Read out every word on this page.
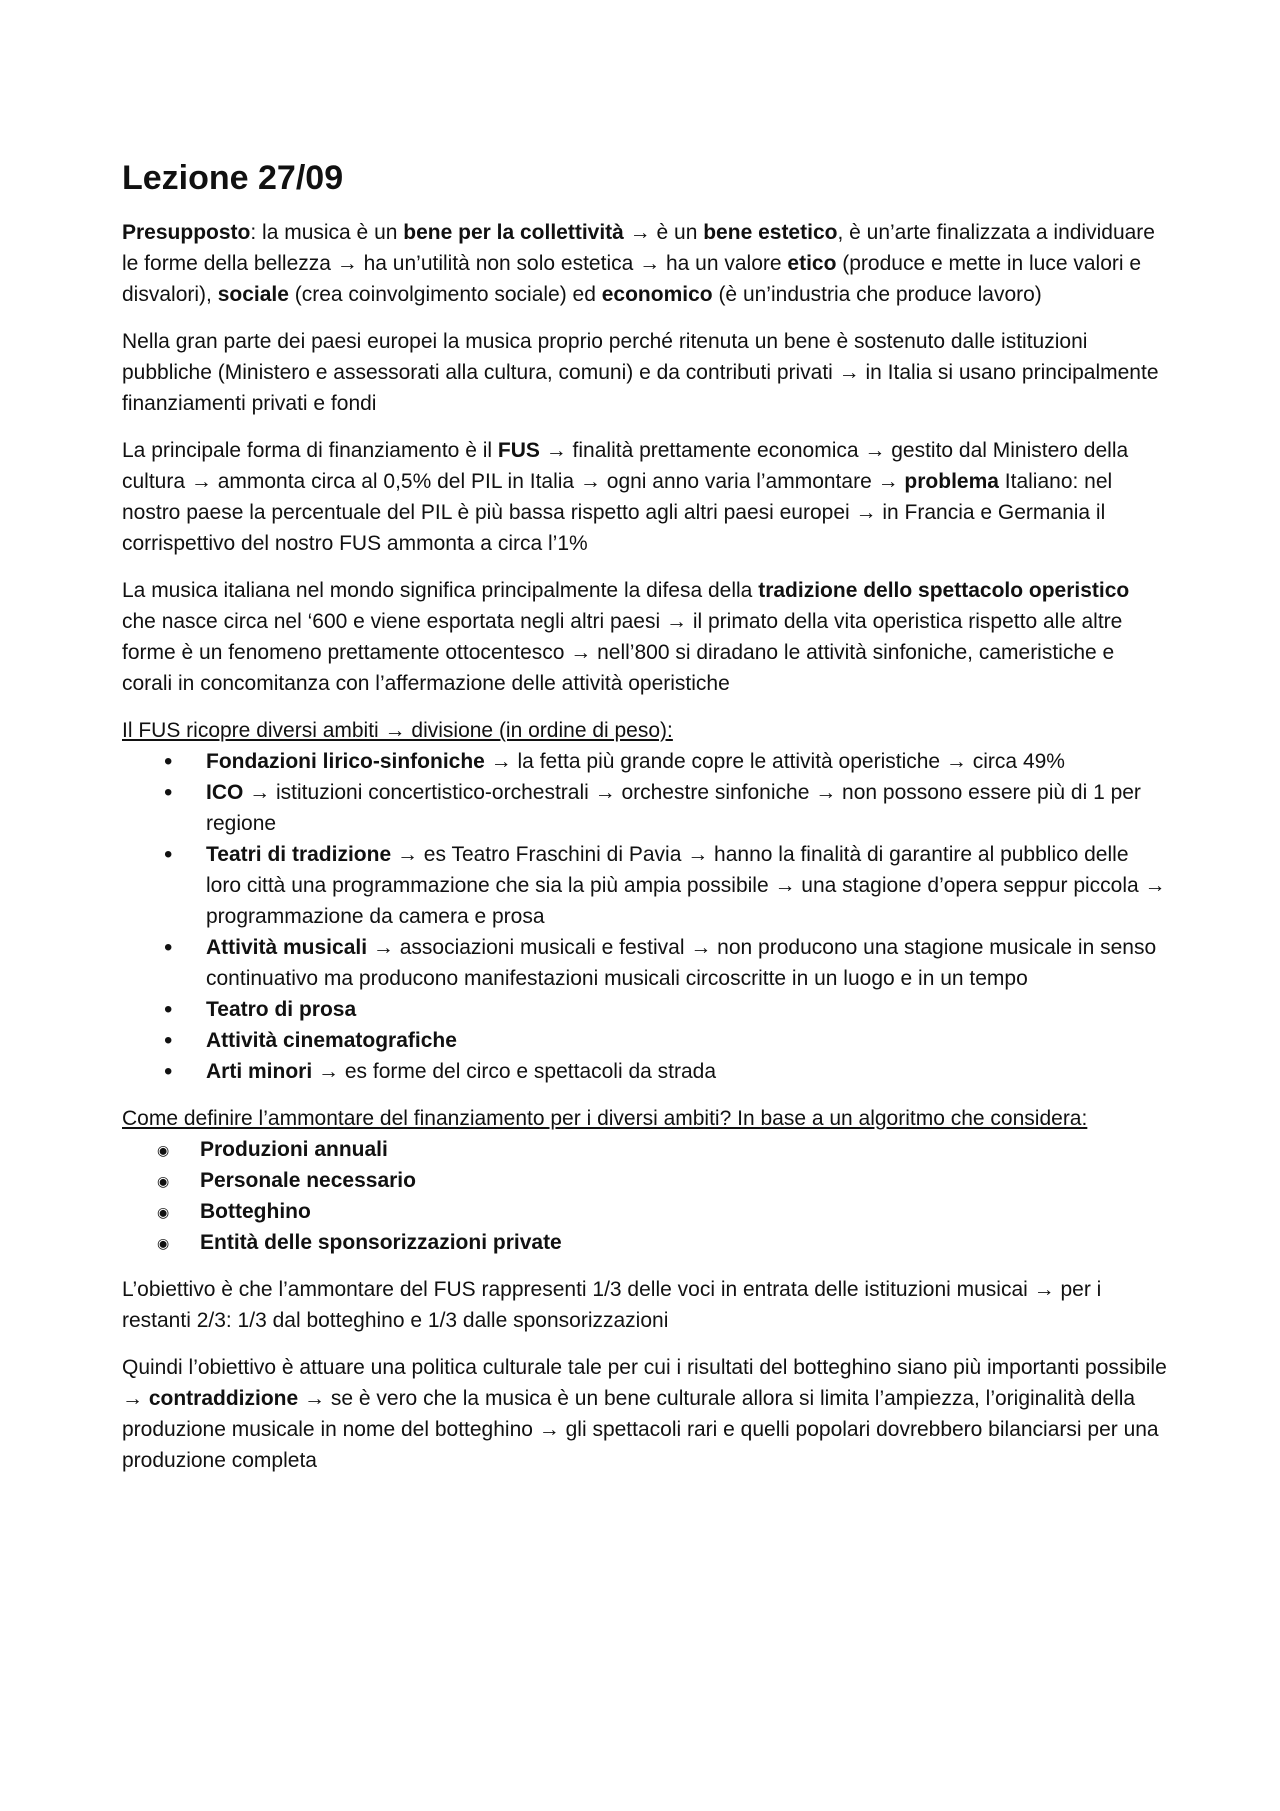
Lezione 27/09

Presupposto: la musica è un bene per la collettività → è un bene estetico, è un’arte finalizzata a individuare le forme della bellezza → ha un’utilità non solo estetica → ha un valore etico (produce e mette in luce valori e disvalori), sociale (crea coinvolgimento sociale) ed economico (è un’industria che produce lavoro)

Nella gran parte dei paesi europei la musica proprio perché ritenuta un bene è sostenuto dalle istituzioni pubbliche (Ministero e assessorati alla cultura, comuni) e da contributi privati → in Italia si usano principalmente finanziamenti privati e fondi

La principale forma di finanziamento è il FUS → finalità prettamente economica → gestito dal Ministero della cultura → ammonta circa al 0,5% del PIL in Italia → ogni anno varia l’ammontare → problema Italiano: nel nostro paese la percentuale del PIL è più bassa rispetto agli altri paesi europei → in Francia e Germania il corrispettivo del nostro FUS ammonta a circa l’1%

La musica italiana nel mondo significa principalmente la difesa della tradizione dello spettacolo operistico che nasce circa nel ‘600 e viene esportata negli altri paesi → il primato della vita operistica rispetto alle altre forme è un fenomeno prettamente ottocentesco → nell’800 si diradano le attività sinfoniche, cameristiche e corali in concomitanza con l’affermazione delle attività operistiche

Il FUS ricopre diversi ambiti → divisione (in ordine di peso):

• Fondazioni lirico-sinfoniche → la fetta più grande copre le attività operistiche → circa 49%
• ICO → istituzioni concertistico-orchestrali → orchestre sinfoniche → non possono essere più di 1 per regione
• Teatri di tradizione → es Teatro Fraschini di Pavia → hanno la finalità di garantire al pubblico delle loro città una programmazione che sia la più ampia possibile → una stagione d’opera seppur piccola → programmazione da camera e prosa
• Attività musicali → associazioni musicali e festival → non producono una stagione musicale in senso continuativo ma producono manifestazioni musicali circoscritte in un luogo e in un tempo
• Teatro di prosa
• Attività cinematografiche
• Arti minori → es forme del circo e spettacoli da strada

Come definire l’ammontare del finanziamento per i diversi ambiti? In base a un algoritmo che considera:

◉ Produzioni annuali
◉ Personale necessario
◉ Botteghino
◉ Entità delle sponsorizzazioni private

L’obiettivo è che l’ammontare del FUS rappresenti 1/3 delle voci in entrata delle istituzioni musicai → per i restanti 2/3: 1/3 dal botteghino e 1/3 dalle sponsorizzazioni

Quindi l’obiettivo è attuare una politica culturale tale per cui i risultati del botteghino siano più importanti possibile → contraddizione → se è vero che la musica è un bene culturale allora si limita l’ampiezza, l’originalità della produzione musicale in nome del botteghino → gli spettacoli rari e quelli popolari dovrebbero bilanciarsi per una produzione completa
